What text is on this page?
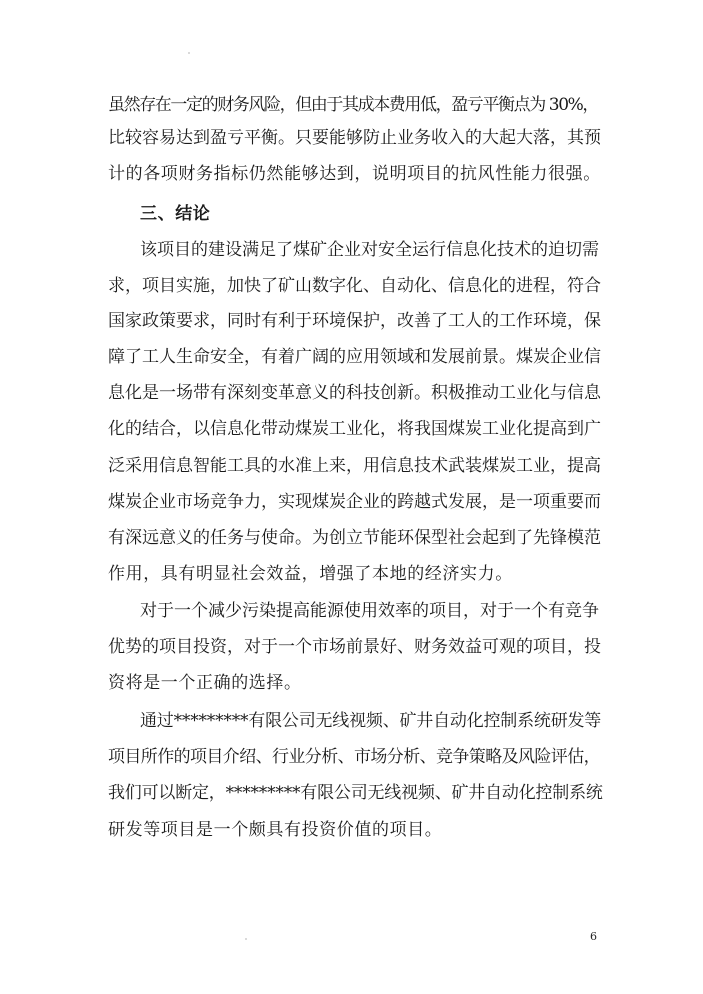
虽然存在一定的财务风险，但由于其成本费用低，盈亏平衡点为 30%，
比较容易达到盈亏平衡。只要能够防止业务收入的大起大落，其预
计的各项财务指标仍然能够达到，说明项目的抗风性能力很强。
三、结论
该项目的建设满足了煤矿企业对安全运行信息化技术的迫切需
求，项目实施，加快了矿山数字化、自动化、信息化的进程，符合
国家政策要求，同时有利于环境保护，改善了工人的工作环境，保
障了工人生命安全，有着广阔的应用领域和发展前景。煤炭企业信
息化是一场带有深刻变革意义的科技创新。积极推动工业化与信息
化的结合，以信息化带动煤炭工业化，将我国煤炭工业化提高到广
泛采用信息智能工具的水准上来，用信息技术武装煤炭工业，提高
煤炭企业市场竞争力，实现煤炭企业的跨越式发展，是一项重要而
有深远意义的任务与使命。为创立节能环保型社会起到了先锋模范
作用，具有明显社会效益，增强了本地的经济实力。
对于一个减少污染提高能源使用效率的项目，对于一个有竞争
优势的项目投资，对于一个市场前景好、财务效益可观的项目，投
资将是一个正确的选择。
通过*********有限公司无线视频、矿井自动化控制系统研发等
项目所作的项目介绍、行业分析、市场分析、竞争策略及风险评估，
我们可以断定，*********有限公司无线视频、矿井自动化控制系统
研发等项目是一个颇具有投资价值的项目。
6
